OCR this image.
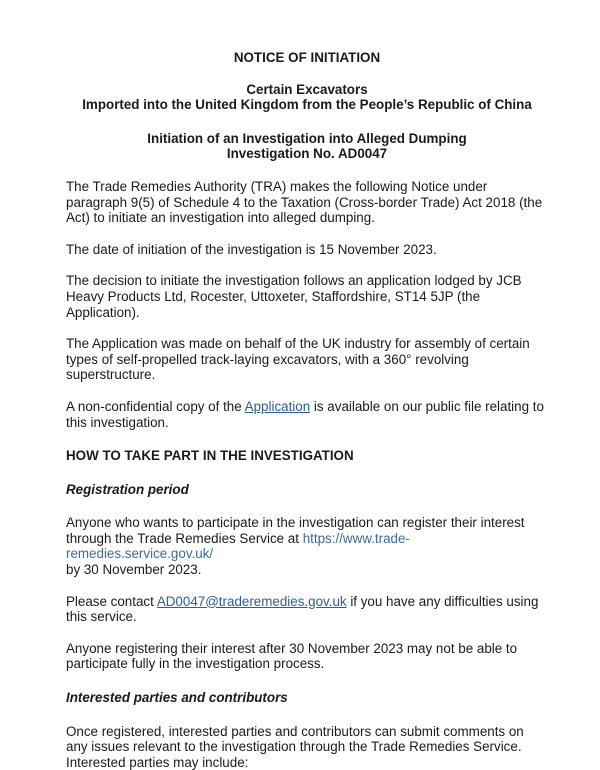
NOTICE OF INITIATION
Certain Excavators
Imported into the United Kingdom from the People’s Republic of China
Initiation of an Investigation into Alleged Dumping
Investigation No. AD0047

The Trade Remedies Authority (TRA) makes the following Notice under paragraph 9(5) of Schedule 4 to the Taxation (Cross-border Trade) Act 2018 (the Act) to initiate an investigation into alleged dumping.

The date of initiation of the investigation is 15 November 2023.

The decision to initiate the investigation follows an application lodged by JCB Heavy Products Ltd, Rocester, Uttoxeter, Staffordshire, ST14 5JP (the Application).

The Application was made on behalf of the UK industry for assembly of certain types of self-propelled track-laying excavators, with a 360° revolving superstructure.

A non-confidential copy of the Application is available on our public file relating to this investigation.

HOW TO TAKE PART IN THE INVESTIGATION
Registration period

Anyone who wants to participate in the investigation can register their interest through the Trade Remedies Service at https://www.trade-remedies.service.gov.uk/
by 30 November 2023.

Please contact AD0047@traderemedies.gov.uk if you have any difficulties using this service.

Anyone registering their interest after 30 November 2023 may not be able to participate fully in the investigation process.

Interested parties and contributors

Once registered, interested parties and contributors can submit comments on any issues relevant to the investigation through the Trade Remedies Service. Interested parties may include:
